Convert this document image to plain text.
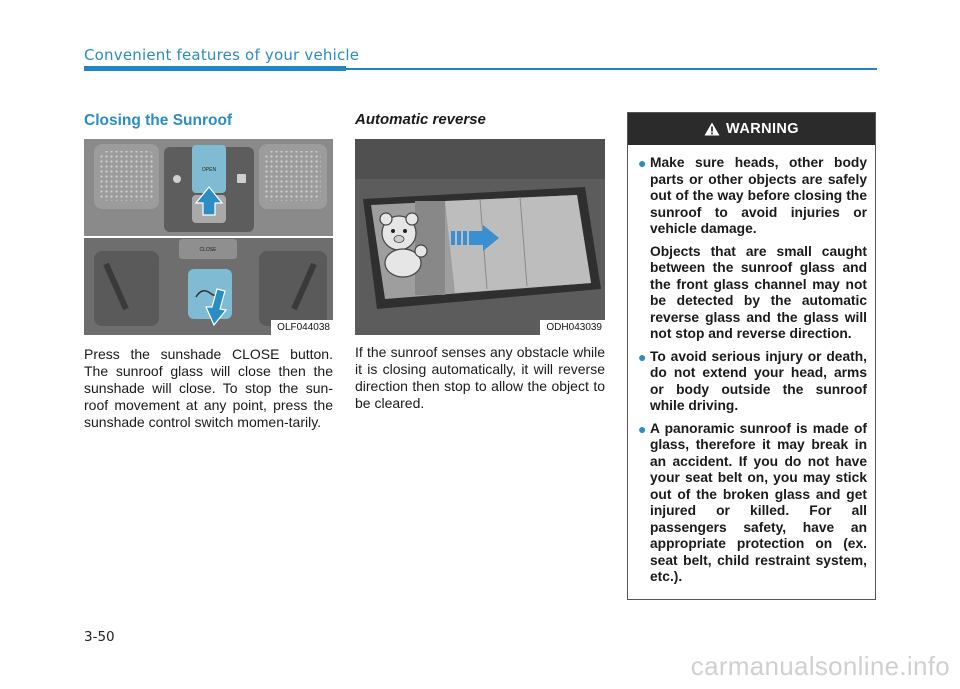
Convenient features of your vehicle
Closing the Sunroof
OPEN
CLOSE
OLF044038

Press the sunshade CLOSE button. The sunroof glass will close then the sunshade will close. To stop the sun-roof movement at any point, press the sunshade control switch momen-tarily.

Automatic reverse
ODH043039

If the sunroof senses any obstacle while it is closing automatically, it will reverse direction then stop to allow the object to be cleared.

WARNING
● Make sure heads, other body parts or other objects are safely out of the way before closing the sunroof to avoid injuries or vehicle damage.

Objects that are small caught between the sunroof glass and the front glass channel may not be detected by the automatic reverse glass and the glass will not stop and reverse direction.

● To avoid serious injury or death, do not extend your head, arms or body outside the sunroof while driving.

● A panoramic sunroof is made of glass, therefore it may break in an accident. If you do not have your seat belt on, you may stick out of the broken glass and get injured or killed. For all passengers safety, have an appropriate protection on (ex. seat belt, child restraint system, etc.).

3-50
carmanualsonline.info
